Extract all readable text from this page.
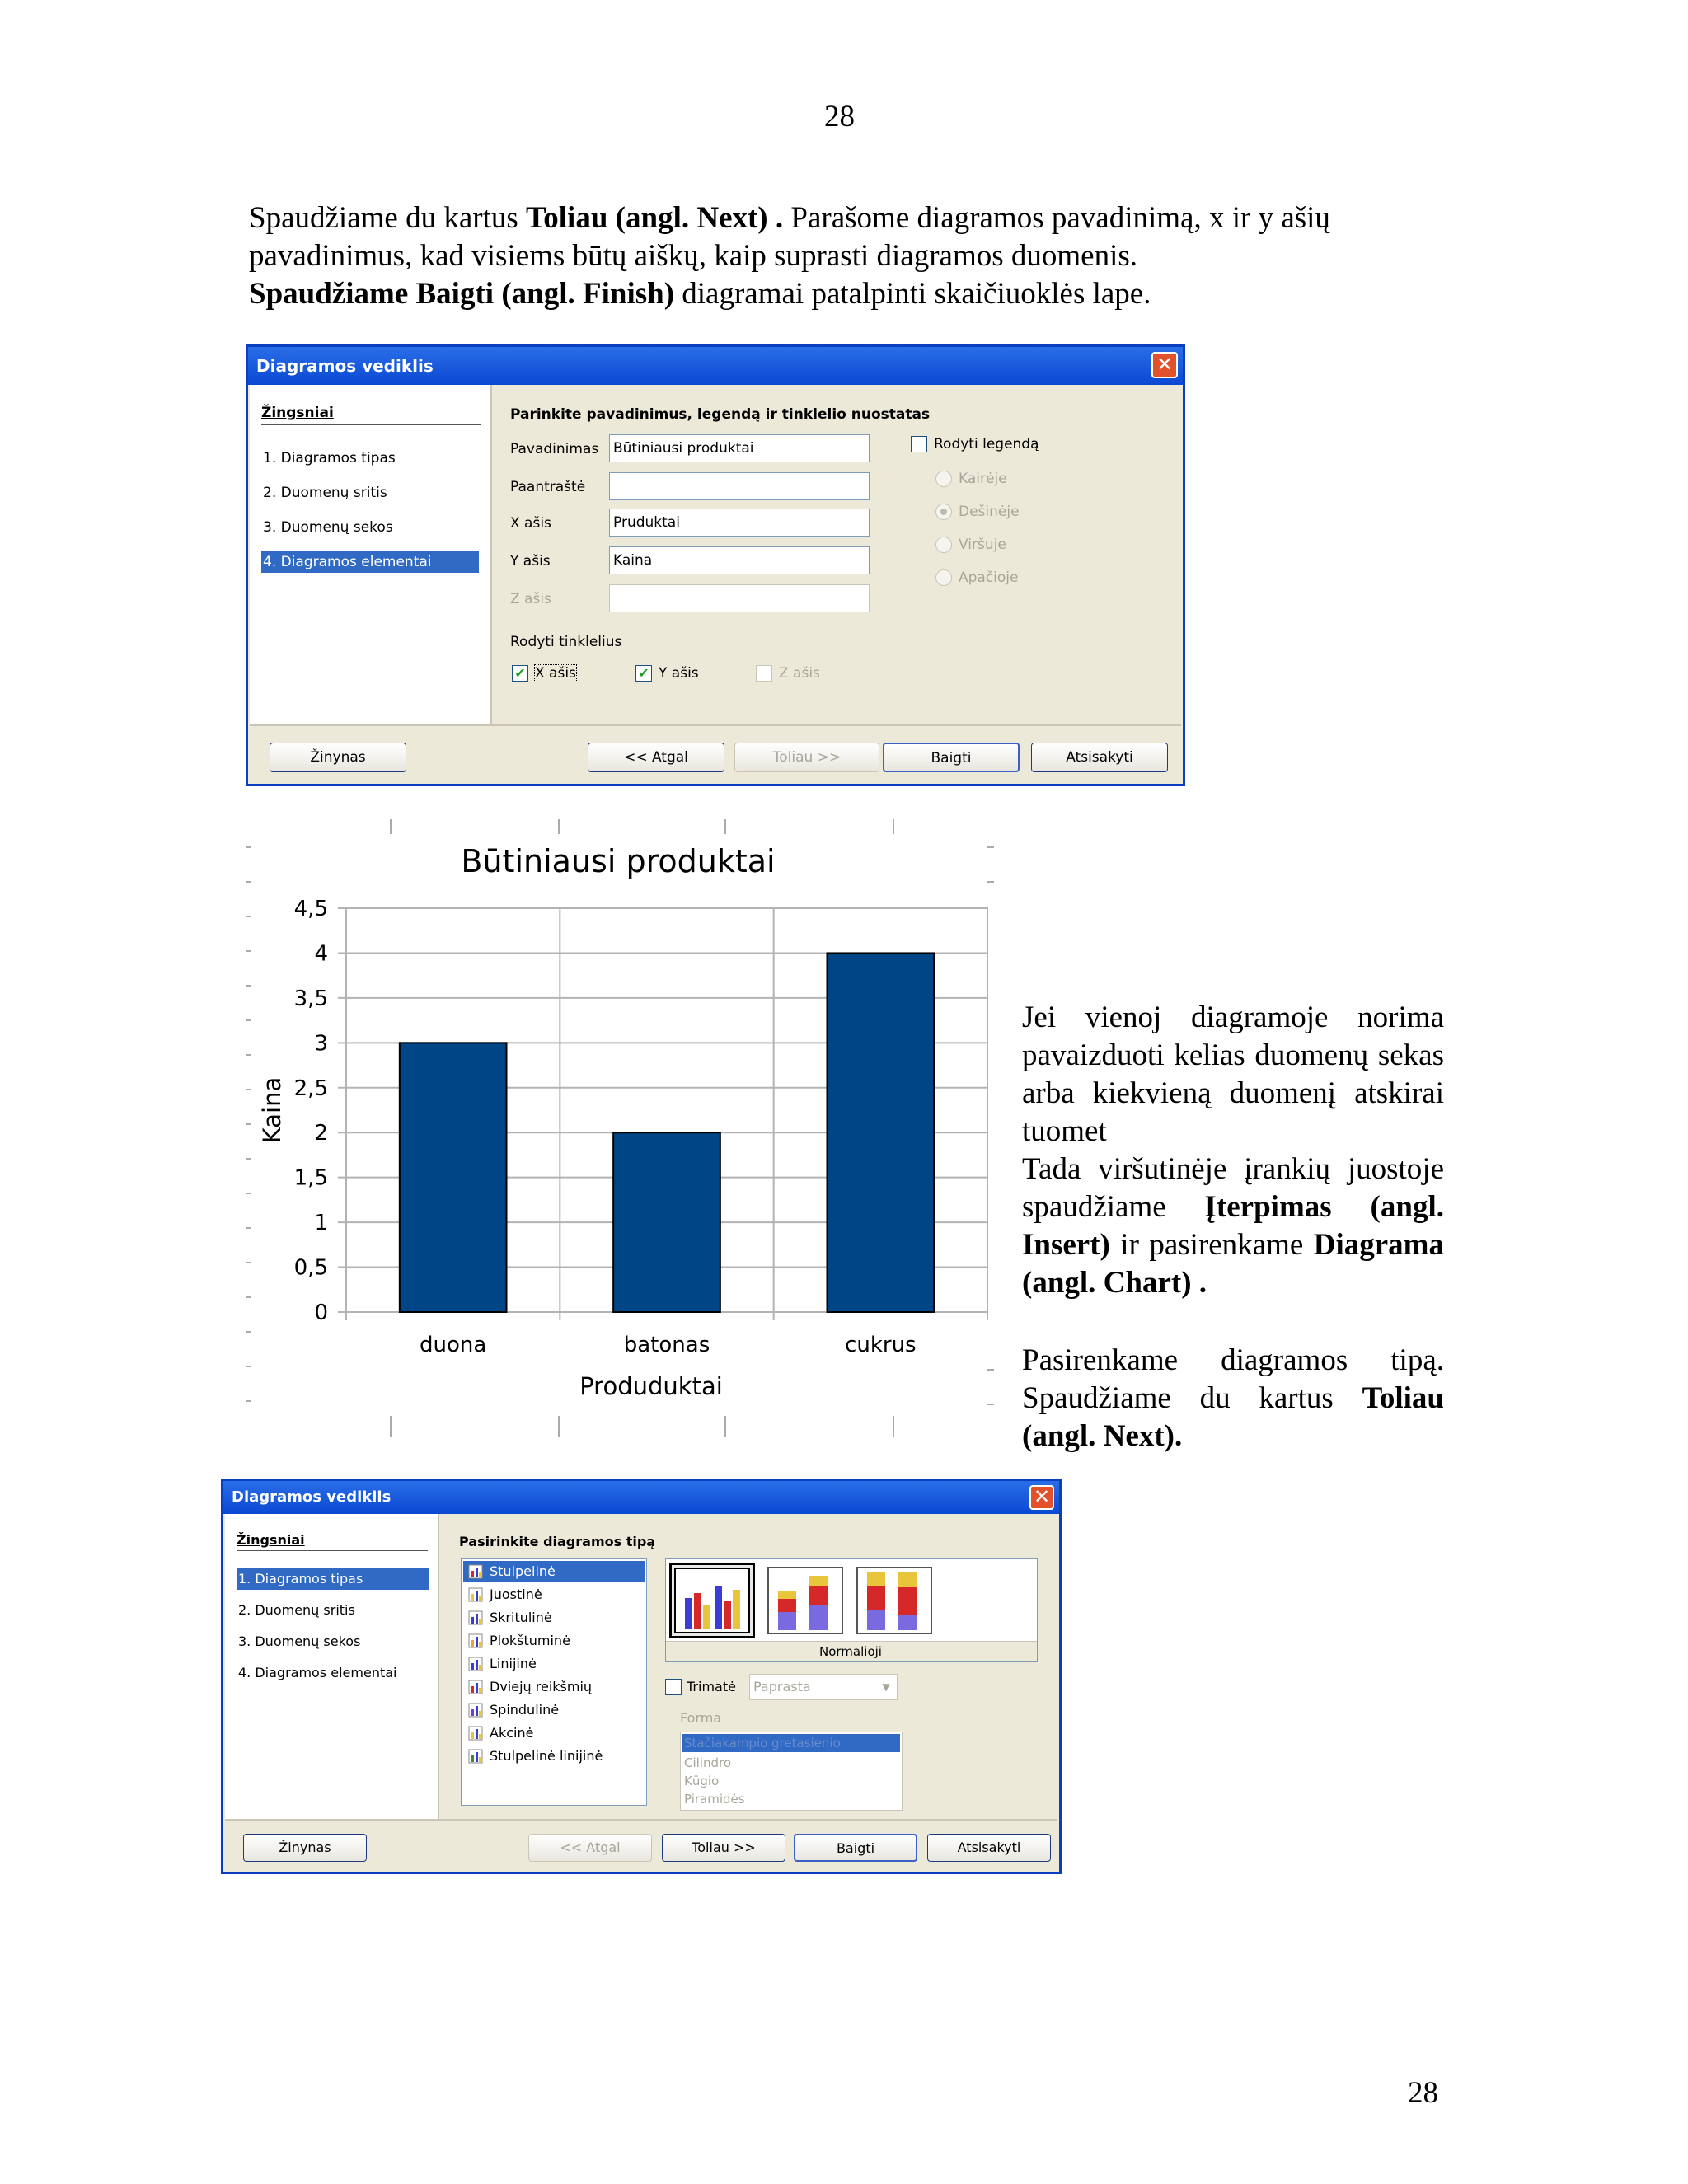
28

Spaudžiame du kartus Toliau (angl. Next) . Parašome diagramos pavadinimą, x ir y ašių

pavadinimus, kad visiems būtų aiškų, kaip suprasti diagramos duomenis.

Spaudžiame Baigti (angl. Finish) diagramai patalpinti skaičiuoklės lape.

Diagramos vediklis	✕
Žingsniai
1. Diagramos tipas
2. Duomenų sritis
3. Duomenų sekos
4. Diagramos elementai
Parinkite pavadinimus, legendą ir tinklelio nuostatas
Pavadinimas Būtiniausi produktai
Paantraštė
X ašis	Pruduktai
Y ašis	Kaina
Z ašis
Rodyti legendą
Kairėje
Dešinėje
Viršuje
Apačioje
Rodyti tinklelius
✔ X ašis	✔ Y ašis	Z ašis
Žinynas	<< Atgal	Toliau >>	Baigti	Atsisakyti
0
0,5
1
1,5
2
2,5
3
3,5
4
4,5
duona	batonas	cukrus
Būtiniausi produktai
Produduktai
Kaina

Jei vienoj diagramoje norima pavaizduoti kelias duomenų sekas arba kiekvieną duomenį atskirai tuomet

Tada viršutinėje įrankių juostoje spaudžiame Įterpimas (angl. Insert) ir pasirenkame Diagrama (angl. Chart) .

Pasirenkame diagramos tipą. Spaudžiame du kartus Toliau (angl. Next).

Diagramos vediklis	✕
Žingsniai
1. Diagramos tipas
2. Duomenų sritis
3. Duomenų sekos
4. Diagramos elementai
Pasirinkite diagramos tipą
Stulpelinė
Juostinė
Skritulinė
Plokštuminė
Linijinė
Dviejų reikšmių
Spindulinė
Akcinė
Stulpelinė linijinė
Normalioji
Trimatė	Paprasta	▼
Forma
Stačiakampio gretasienio
Cilindro
Kūgio
Piramidės
Žinynas	<< Atgal	Toliau >>	Baigti	Atsisakyti
28
